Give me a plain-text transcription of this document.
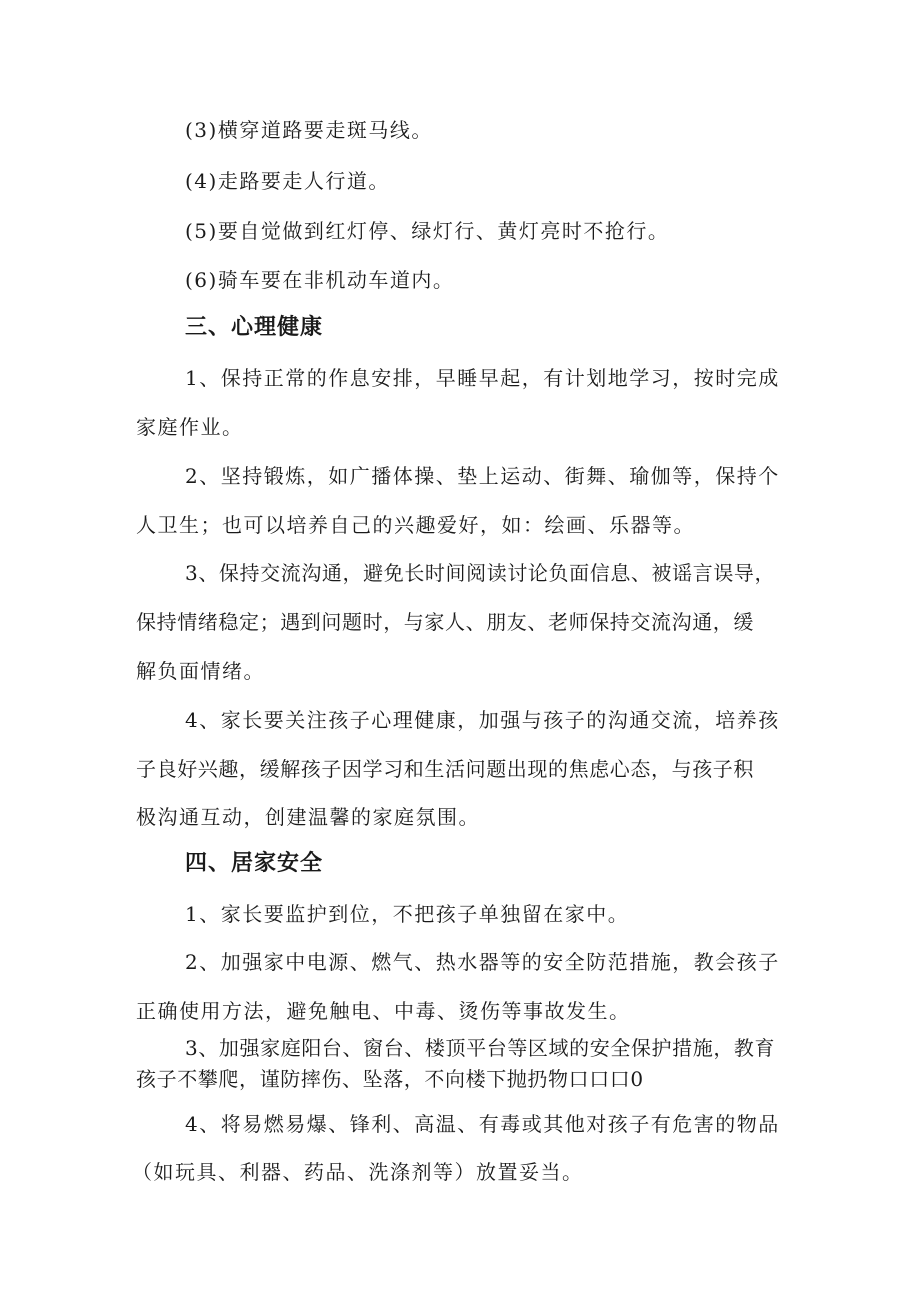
(3)横穿道路要走斑马线。
(4)走路要走人行道。
(5)要自觉做到红灯停、绿灯行、黄灯亮时不抢行。
(6)骑车要在非机动车道内。
三、心理健康
1、保持正常的作息安排，早睡早起，有计划地学习，按时完成
家庭作业。
2、坚持锻炼，如广播体操、垫上运动、街舞、瑜伽等，保持个
人卫生；也可以培养自己的兴趣爱好，如：绘画、乐器等。
3、保持交流沟通，避免长时间阅读讨论负面信息、被谣言误导，
保持情绪稳定；遇到问题时，与家人、朋友、老师保持交流沟通，缓
解负面情绪。
4、家长要关注孩子心理健康，加强与孩子的沟通交流，培养孩
子良好兴趣，缓解孩子因学习和生活问题出现的焦虑心态，与孩子积
极沟通互动，创建温馨的家庭氛围。
四、居家安全
1、家长要监护到位，不把孩子单独留在家中。
2、加强家中电源、燃气、热水器等的安全防范措施，教会孩子
正确使用方法，避免触电、中毒、烫伤等事故发生。
3、加强家庭阳台、窗台、楼顶平台等区域的安全保护措施，教育
孩子不攀爬，谨防摔伤、坠落，不向楼下抛扔物口口口0
4、将易燃易爆、锋利、高温、有毒或其他对孩子有危害的物品
（如玩具、利器、药品、洗涤剂等）放置妥当。
